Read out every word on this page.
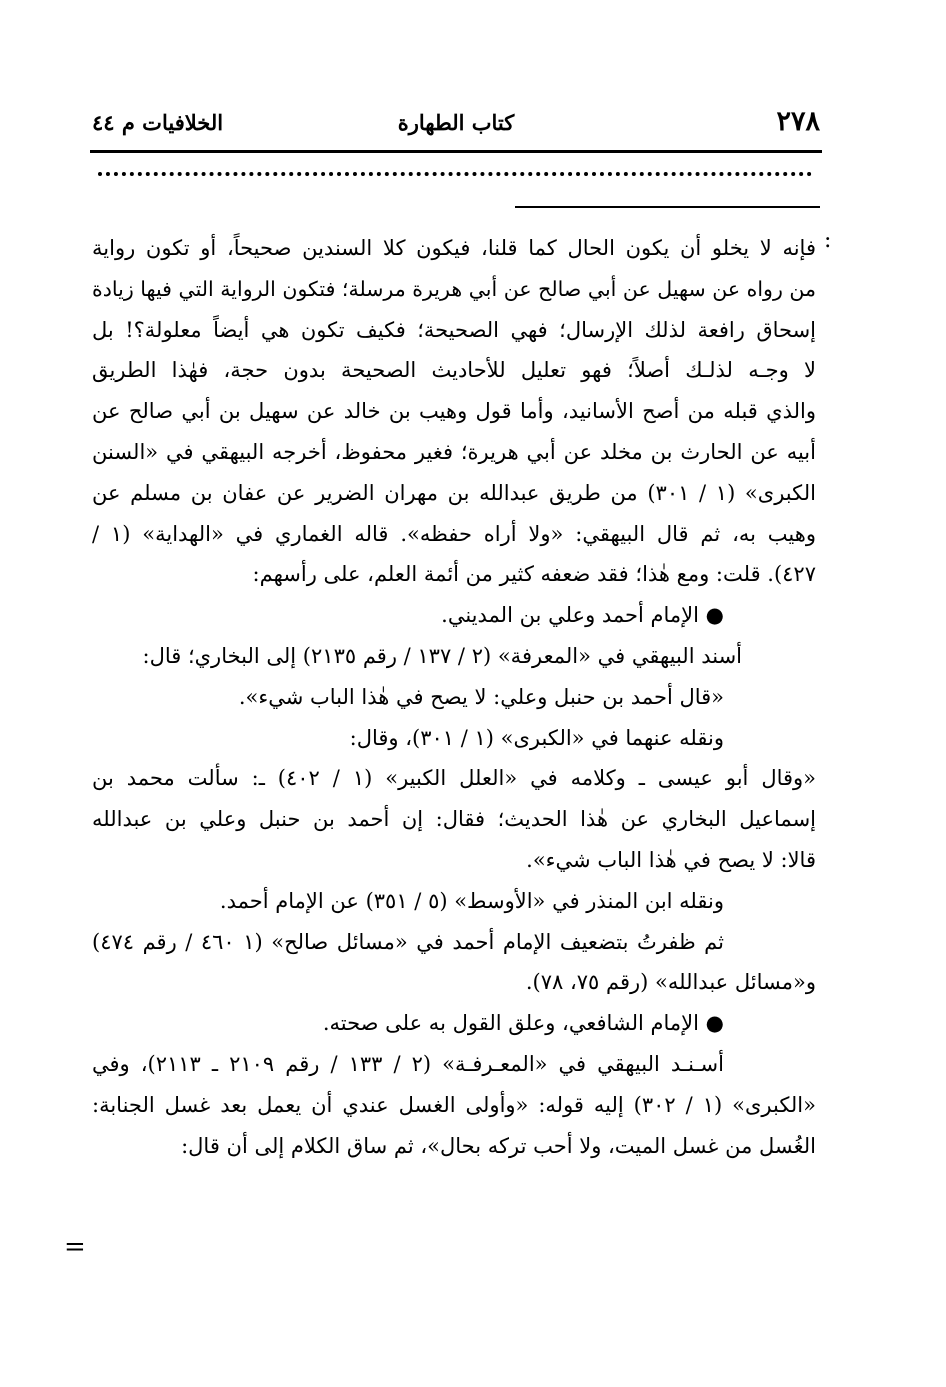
٢٧٨
كتاب الطهارة
الخلافيات م ٤٤
:
=
فإنه لا يخلو أن يكون الحال كما قلنا، فيكون كلا السندين صحيحاً، أو تكون رواية
من رواه عن سهيل عن أبي صالح عن أبي هريرة مرسلة؛ فتكون الرواية التي فيها زيادة
إسحاق رافعة لذلك الإرسال؛ فهي الصحيحة؛ فكيف تكون هي أيضاً معلولة؟! بل
لا وجـه لذلـك أصلاً؛ فهو تعليل للأحاديث الصحيحة بدون حجة، فهٰذا الطريق
والذي قبله من أصح الأسانيد، وأما قول وهيب بن خالد عن سهيل بن أبي صالح عن
أبيه عن الحارث بن مخلد عن أبي هريرة؛ فغير محفوظ، أخرجه البيهقي في «السنن
الكبرى» (١ / ٣٠١) من طريق عبدالله بن مهران الضرير عن عفان بن مسلم عن
وهيب به، ثم قال البيهقي: «ولا أراه حفظه». قاله الغماري في «الهداية» (١ /
٤٢٧). قلت: ومع هٰذا؛ فقد ضعفه كثير من أئمة العلم، على رأسهم:
● الإمام أحمد وعلي بن المديني.
أسند البيهقي في «المعرفة» (٢ / ١٣٧ / رقم ٢١٣٥) إلى البخاري؛ قال:
«قال أحمد بن حنبل وعلي: لا يصح في هٰذا الباب شيء».
ونقله عنهما في «الكبرى» (١ / ٣٠١)، وقال:
«وقال أبو عيسى ـ وكلامه في «العلل الكبير» (١ / ٤٠٢) ـ: سألت محمد بن
إسماعيل البخاري عن هٰذا الحديث؛ فقال: إن أحمد بن حنبل وعلي بن عبدالله
قالا: لا يصح في هٰذا الباب شيء».
ونقله ابن المنذر في «الأوسط» (٥ / ٣٥١) عن الإمام أحمد.
ثم ظفرتُ بتضعيف الإمام أحمد في «مسائل صالح» (١ ٤٦٠ / رقم ٤٧٤)
و«مسائل عبدالله» (رقم ٧٥، ٧٨).
● الإمام الشافعي، وعلق القول به على صحته.
أسـنـد البيهقي في «المعـرفـة» (٢ / ١٣٣ / رقم ٢١٠٩ ـ ٢١١٣)، وفي
«الكبرى» (١ / ٣٠٢) إليه قوله: «وأولى الغسل عندي أن يعمل بعد غسل الجنابة:
الغُسل من غسل الميت، ولا أحب تركه بحال»، ثم ساق الكلام إلى أن قال:
